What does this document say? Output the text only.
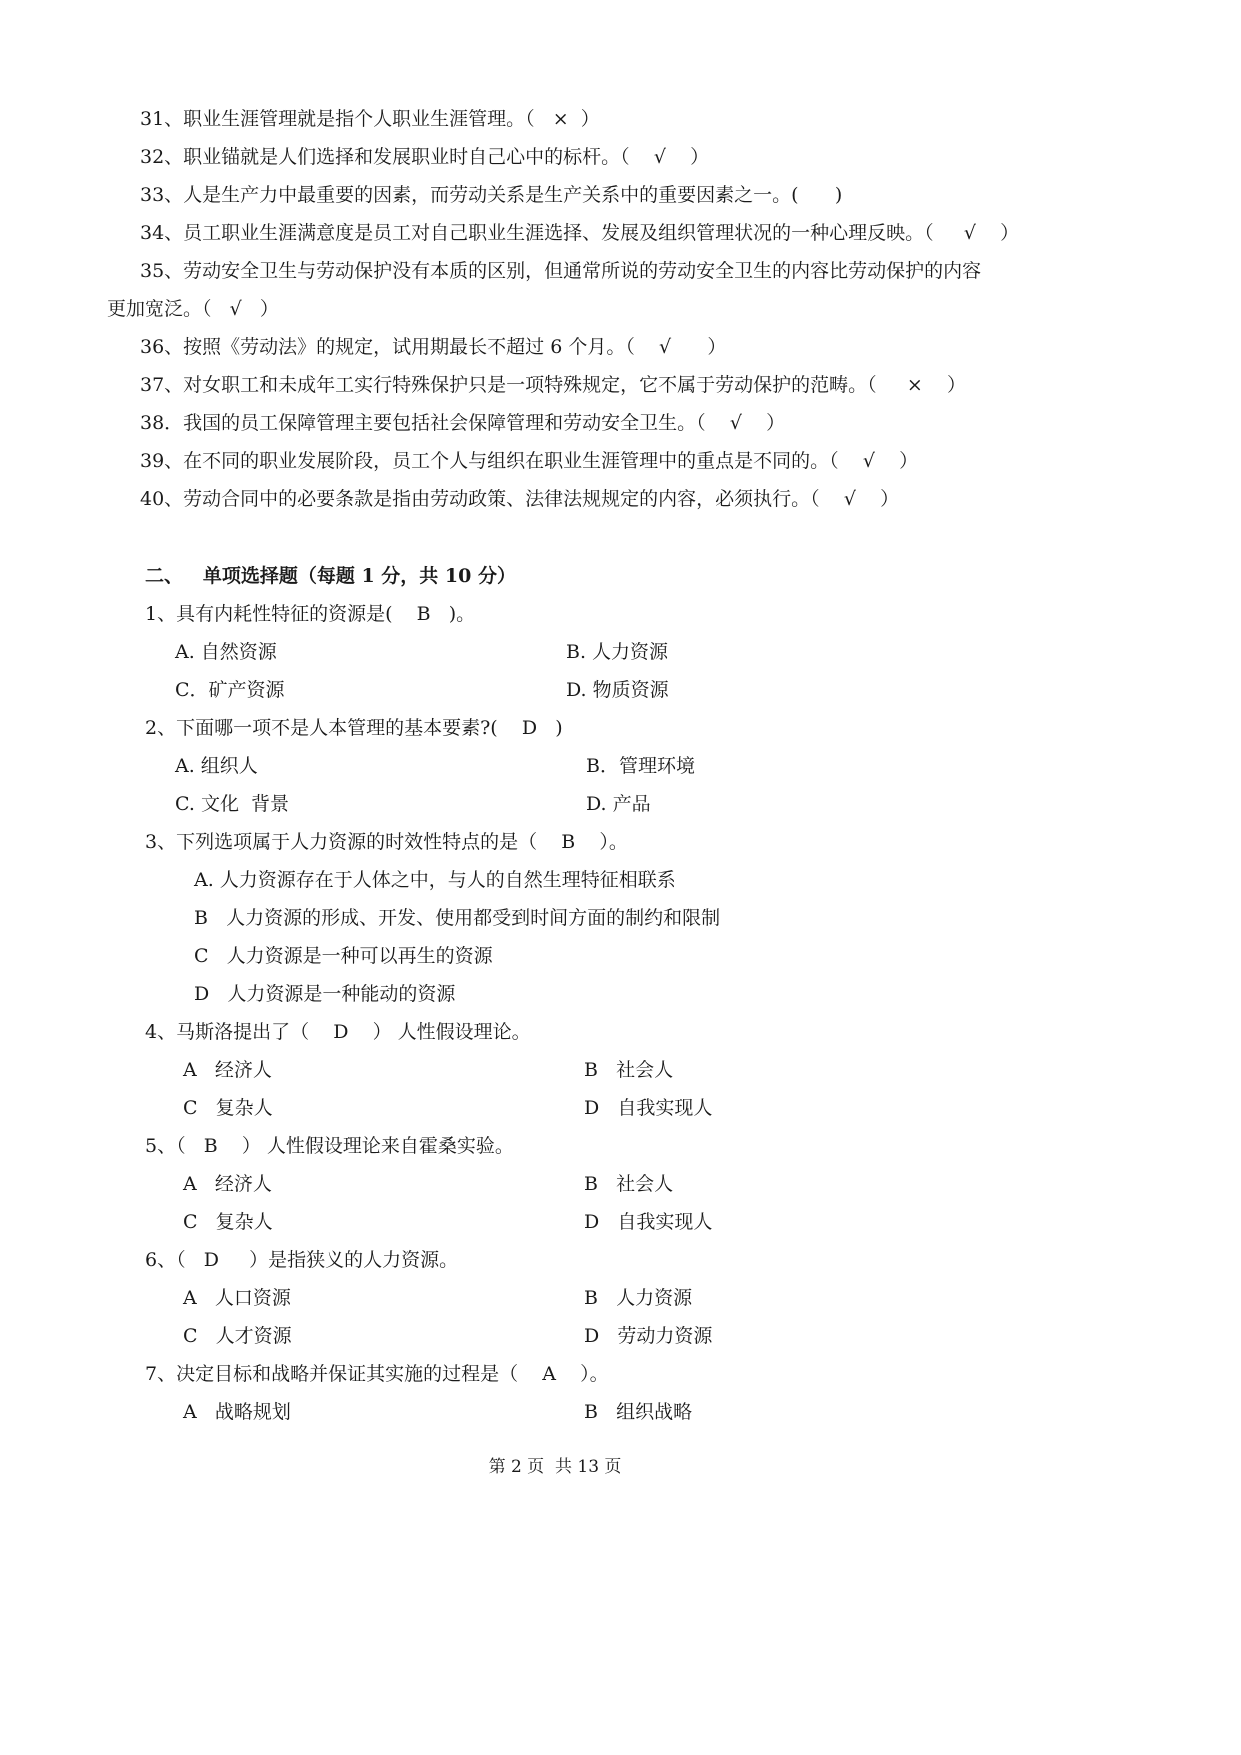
31、职业生涯管理就是指个人职业生涯管理。（   ×  ）
32、职业锚就是人们选择和发展职业时自己心中的标杆。（    √    ）
33、人是生产力中最重要的因素，而劳动关系是生产关系中的重要因素之一。(      )
34、员工职业生涯满意度是员工对自己职业生涯选择、发展及组织管理状况的一种心理反映。（     √    ）
35、劳动安全卫生与劳动保护没有本质的区别，但通常所说的劳动安全卫生的内容比劳动保护的内容
更加宽泛。（   √   ）
36、按照《劳动法》的规定，试用期最长不超过 6 个月。（    √      ）
37、对女职工和未成年工实行特殊保护只是一项特殊规定，它不属于劳动保护的范畴。（     ×    ）
38．我国的员工保障管理主要包括社会保障管理和劳动安全卫生。（    √    ）
39、在不同的职业发展阶段，员工个人与组织在职业生涯管理中的重点是不同的。（    √    ）
40、劳动合同中的必要条款是指由劳动政策、法律法规规定的内容，必须执行。（    √    ）
二、   单项选择题（每题 1 分，共 10 分）
1、具有内耗性特征的资源是(    B   )。
A. 自然资源	B. 人力资源
C．矿产资源	D. 物质资源
2、下面哪一项不是人本管理的基本要素?(    D   )
A. 组织人	B．管理环境
C. 文化  背景	D. 产品
3、下列选项属于人力资源的时效性特点的是（    B    ）。
A. 人力资源存在于人体之中，与人的自然生理特征相联系
B   人力资源的形成、开发、使用都受到时间方面的制约和限制
C   人力资源是一种可以再生的资源
D   人力资源是一种能动的资源
4、马斯洛提出了（    D    ） 人性假设理论。
A   经济人	B   社会人
C   复杂人	D   自我实现人
5、（   B    ） 人性假设理论来自霍桑实验。
A   经济人	B   社会人
C   复杂人	D   自我实现人
6、（   D     ）是指狭义的人力资源。
A   人口资源	B   人力资源
C   人才资源	D   劳动力资源
7、决定目标和战略并保证其实施的过程是（    A    ）。
A   战略规划	B   组织战略
第 2 页  共 13 页
